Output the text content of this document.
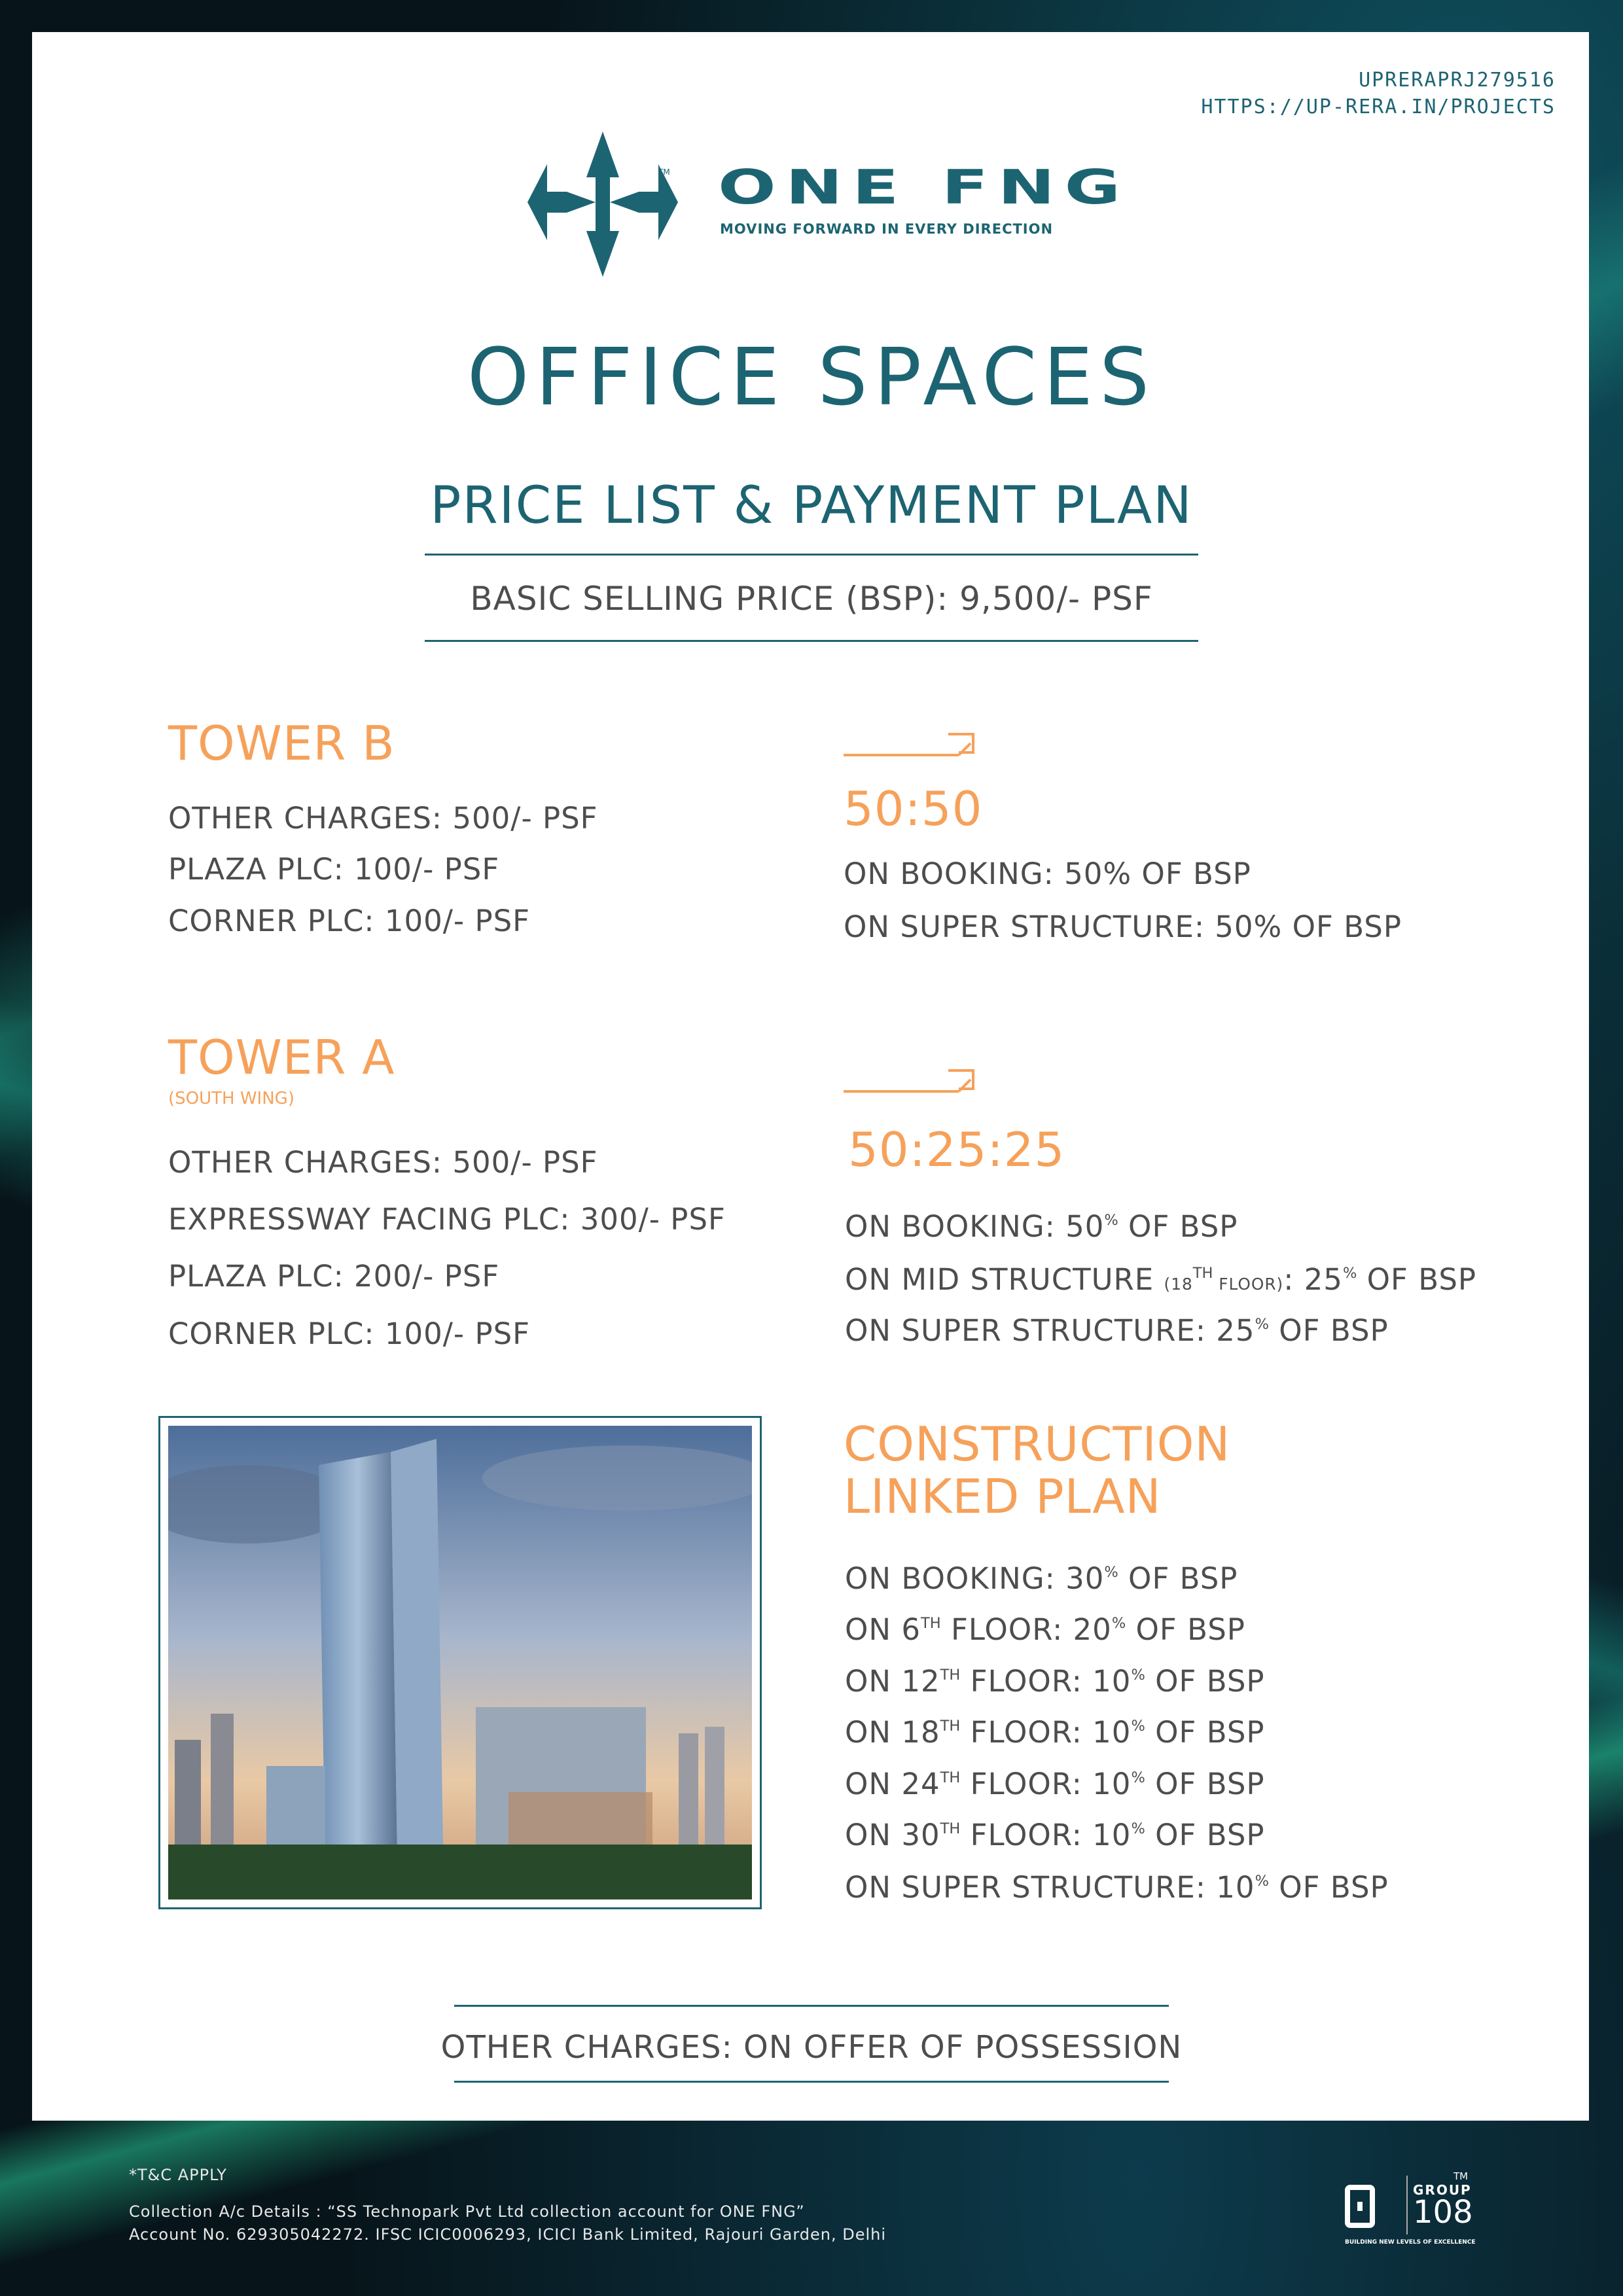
UPRERAPRJ279516
HTTPS://UP-RERA.IN/PROJECTS
TM ONE FNG
MOVING FORWARD IN EVERY DIRECTION
OFFICE SPACES
PRICE LIST & PAYMENT PLAN
BASIC SELLING PRICE (BSP): 9,500/- PSF
TOWER B
OTHER CHARGES: 500/- PSF
PLAZA PLC: 100/- PSF
CORNER PLC: 100/- PSF
50:50
ON BOOKING: 50% OF BSP
ON SUPER STRUCTURE: 50% OF BSP
TOWER A
(SOUTH WING)
OTHER CHARGES: 500/- PSF
EXPRESSWAY FACING PLC: 300/- PSF
PLAZA PLC: 200/- PSF
CORNER PLC: 100/- PSF
50:25:25
ON BOOKING: 50% OF BSP
ON MID STRUCTURE (18TH FLOOR): 25% OF BSP
ON SUPER STRUCTURE: 25% OF BSP
CONSTRUCTION
LINKED PLAN
ON BOOKING: 30% OF BSP
ON 6TH FLOOR: 20% OF BSP
ON 12TH FLOOR: 10% OF BSP
ON 18TH FLOOR: 10% OF BSP
ON 24TH FLOOR: 10% OF BSP
ON 30TH FLOOR: 10% OF BSP
ON SUPER STRUCTURE: 10% OF BSP
OTHER CHARGES: ON OFFER OF POSSESSION
*T&C APPLY
Collection A/c Details : “SS Technopark Pvt Ltd collection account for ONE FNG”
Account No. 629305042272. IFSC ICIC0006293, ICICI Bank Limited, Rajouri Garden, Delhi
GROUP
108
TM
BUILDING NEW LEVELS OF EXCELLENCE
